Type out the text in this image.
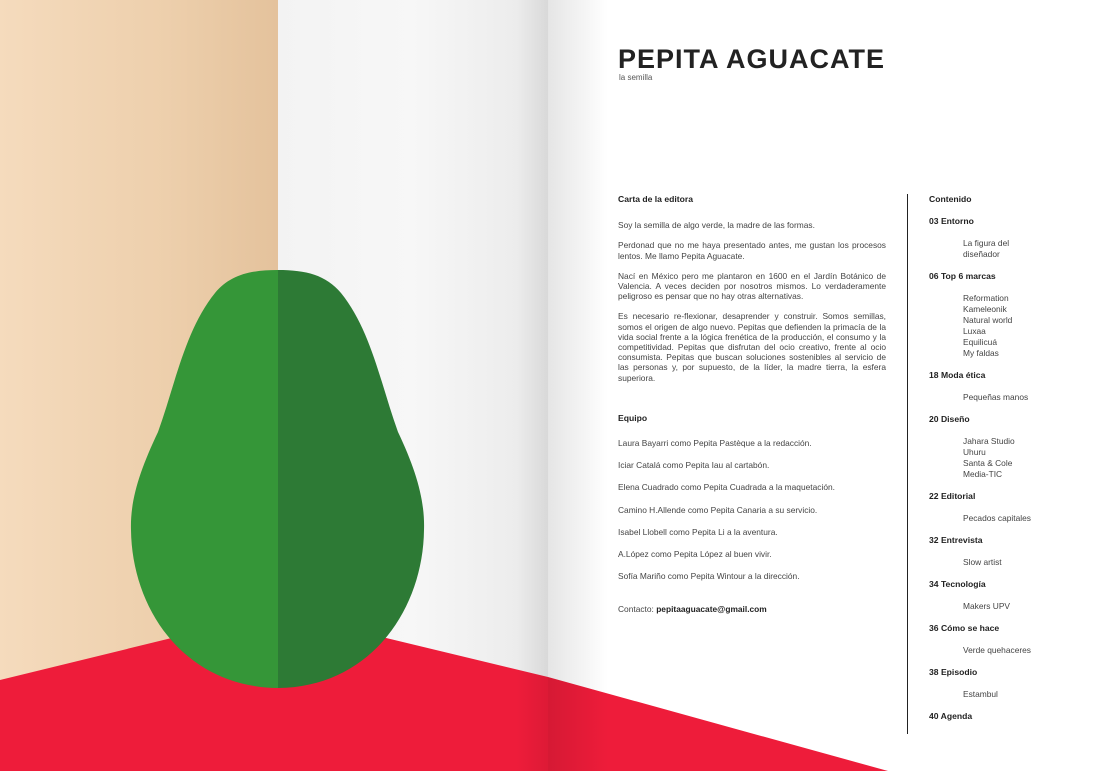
PEPITA AGUACATE
la semilla
Carta de la editora

Soy la semilla de algo verde, la madre de las formas.

Perdonad que no me haya presentado antes, me gustan los procesos lentos. Me llamo Pepita Aguacate.

Nací en México pero me plantaron en 1600 en el Jardín Botánico de Valencia. A veces deciden por nosotros mismos. Lo verdaderamente peligroso es pensar que no hay otras alternativas.

Es necesario re-flexionar, desaprender y construir. Somos semillas, somos el origen de algo nuevo. Pepitas que defienden la primacía de la vida social frente a la lógica frenética de la producción, el consumo y la competitividad. Pepitas que disfrutan del ocio creativo, frente al ocio consumista. Pepitas que buscan soluciones sostenibles al servicio de las personas y, por supuesto, de la líder, la madre tierra, la esfera superiora.

Equipo
Laura Bayarri como Pepita Pastèque a la redacción.
Iciar Catalá como Pepita Iau al cartabón.
Elena Cuadrado como Pepita Cuadrada a la maquetación.
Camino H.Allende como Pepita Canaria a su servicio.
Isabel Llobell como Pepita Li a la aventura.
A.López como Pepita López al buen vivir.
Sofía Mariño como Pepita Wintour a la dirección.
Contacto: pepitaaguacate@gmail.com
Contenido
03 Entorno
La figura del diseñador
06 Top 6 marcas
Reformation
Kameleonik
Natural world
Luxaa
Equilicuá
My faldas
18 Moda ética
Pequeñas manos
20 Diseño
Jahara Studio
Uhuru
Santa & Cole
Media-TIC
22 Editorial
Pecados capitales
32 Entrevista
Slow artist
34 Tecnología
Makers UPV
36 Cómo se hace
Verde quehaceres
38 Episodio
Estambul
40 Agenda
